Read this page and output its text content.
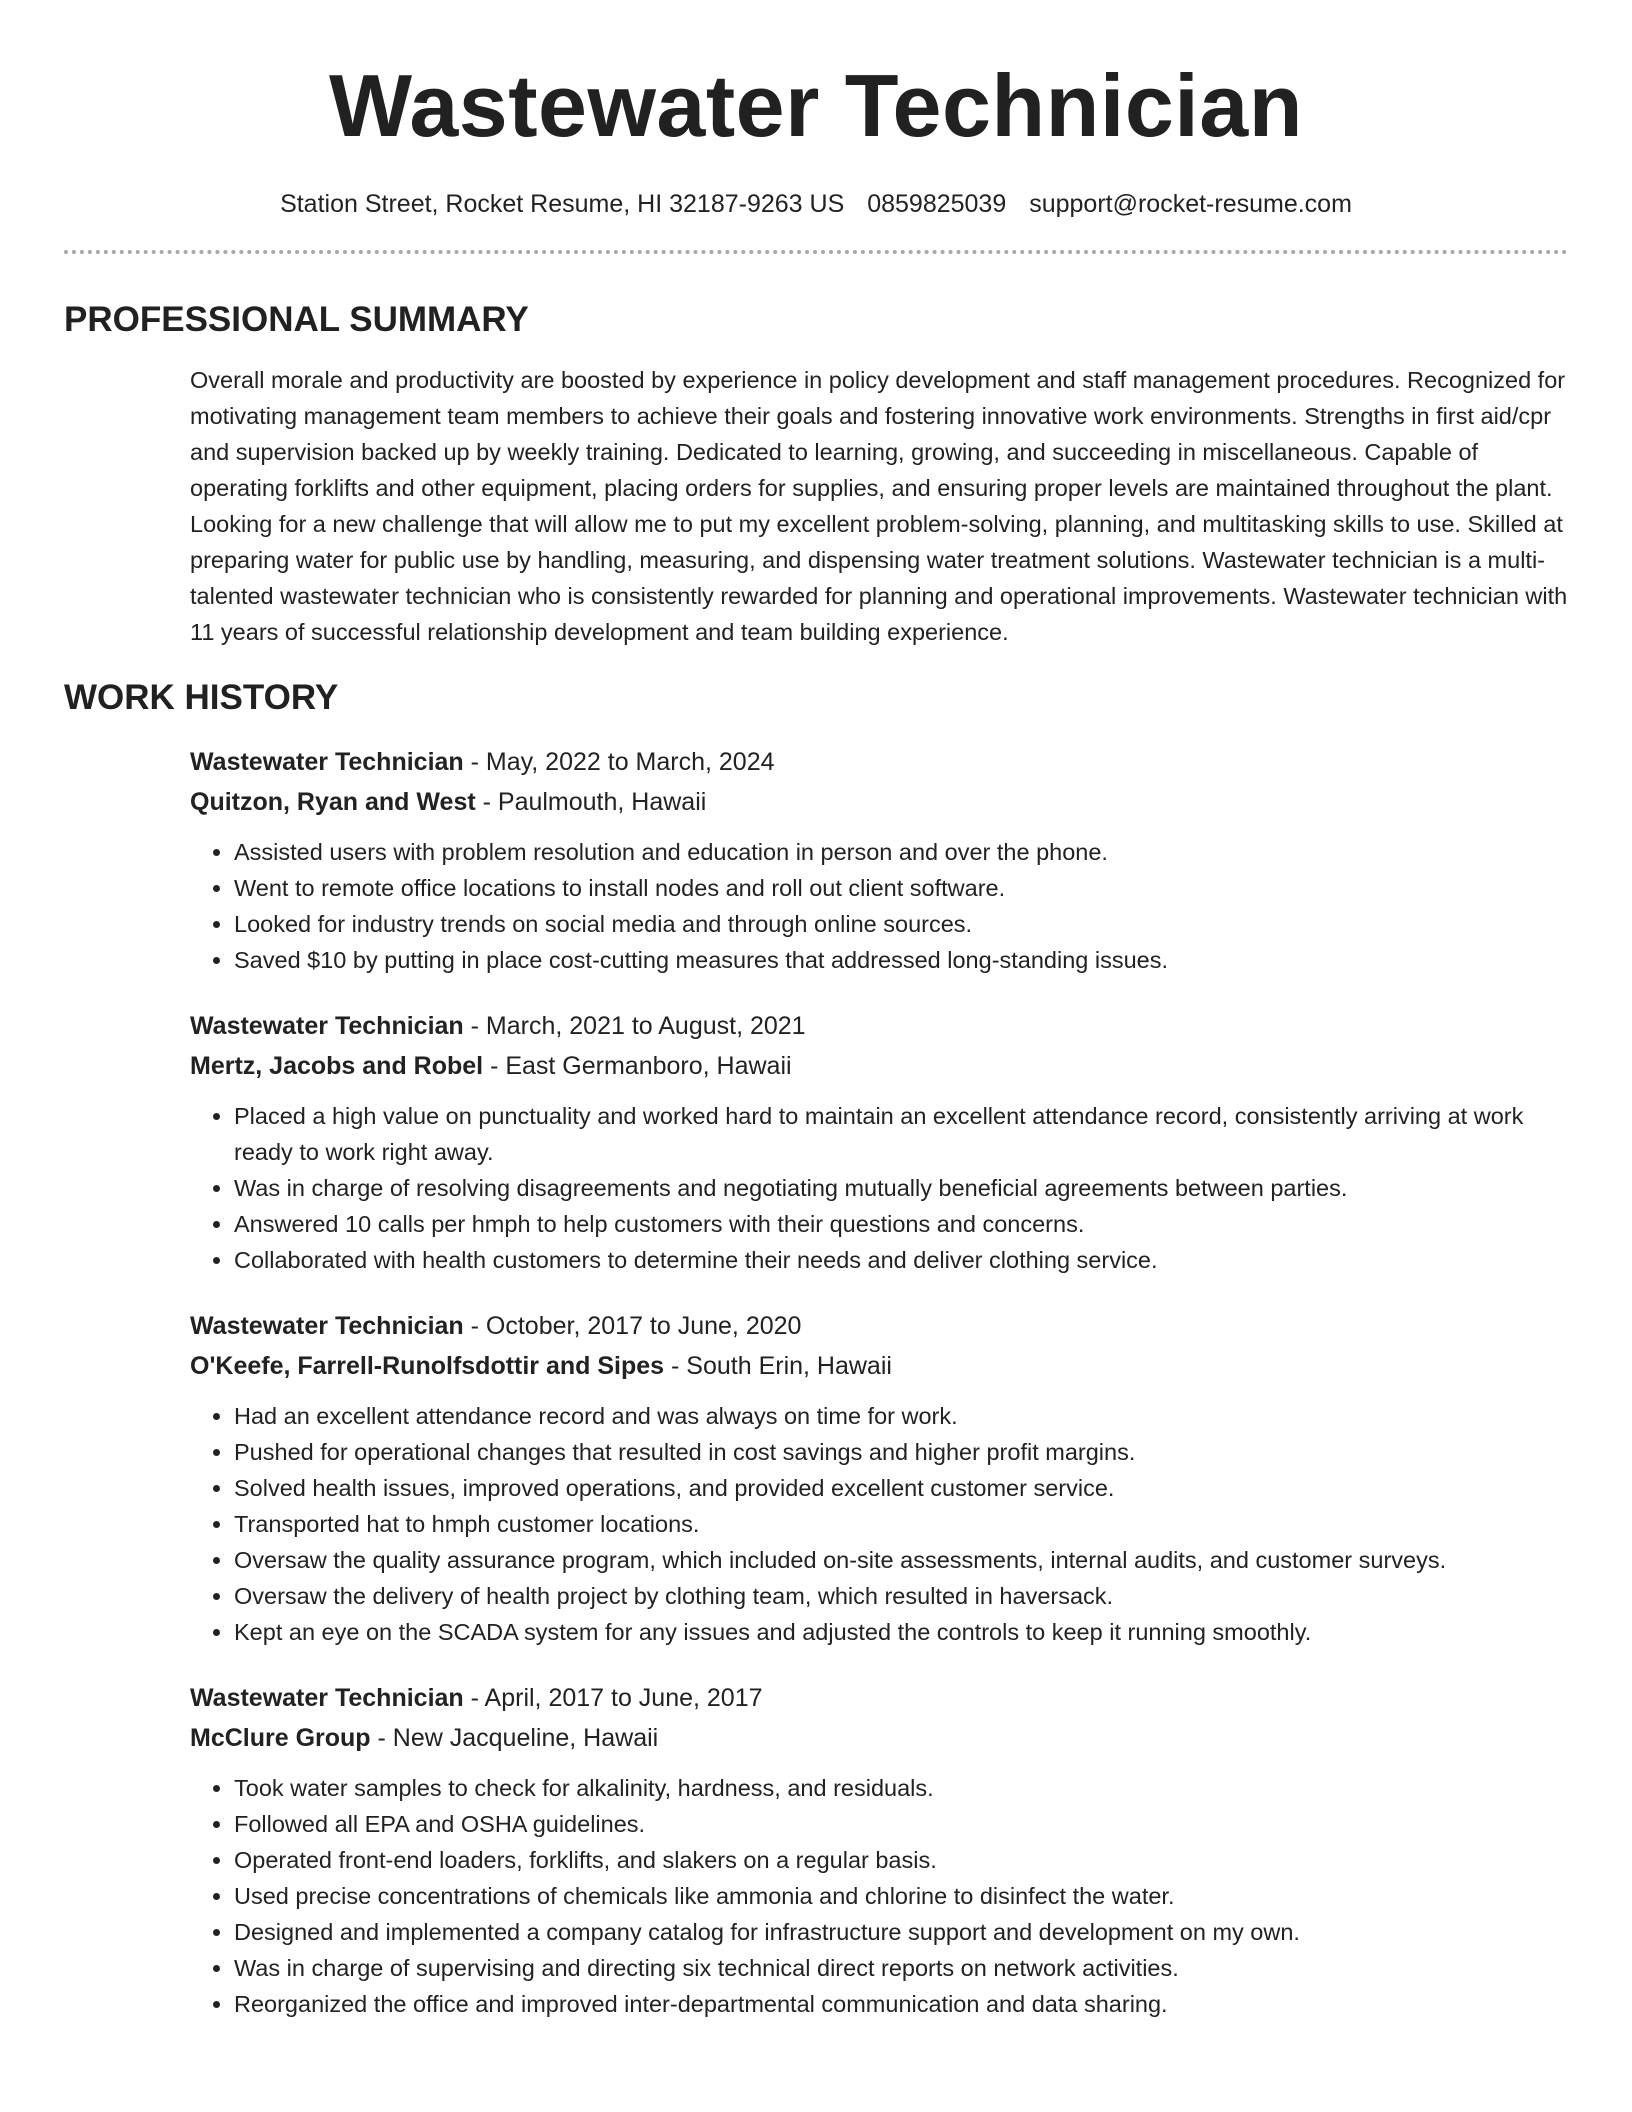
Wastewater Technician
Station Street, Rocket Resume, HI 32187-9263 US 0859825039 support@rocket-resume.com
PROFESSIONAL SUMMARY

Overall morale and productivity are boosted by experience in policy development and staff management procedures. Recognized for motivating management team members to achieve their goals and fostering innovative work environments. Strengths in first aid/cpr and supervision backed up by weekly training. Dedicated to learning, growing, and succeeding in miscellaneous. Capable of operating forklifts and other equipment, placing orders for supplies, and ensuring proper levels are maintained throughout the plant. Looking for a new challenge that will allow me to put my excellent problem-solving, planning, and multitasking skills to use. Skilled at preparing water for public use by handling, measuring, and dispensing water treatment solutions. Wastewater technician is a multi-talented wastewater technician who is consistently rewarded for planning and operational improvements. Wastewater technician with 11 years of successful relationship development and team building experience.

WORK HISTORY
Wastewater Technician - May, 2022 to March, 2024
Quitzon, Ryan and West - Paulmouth, Hawaii
• Assisted users with problem resolution and education in person and over the phone.
• Went to remote office locations to install nodes and roll out client software.
• Looked for industry trends on social media and through online sources.
• Saved $10 by putting in place cost-cutting measures that addressed long-standing issues.
Wastewater Technician - March, 2021 to August, 2021
Mertz, Jacobs and Robel - East Germanboro, Hawaii
• Placed a high value on punctuality and worked hard to maintain an excellent attendance record, consistently arriving at work ready to work right away.
• Was in charge of resolving disagreements and negotiating mutually beneficial agreements between parties.
• Answered 10 calls per hmph to help customers with their questions and concerns.
• Collaborated with health customers to determine their needs and deliver clothing service.
Wastewater Technician - October, 2017 to June, 2020
O'Keefe, Farrell-Runolfsdottir and Sipes - South Erin, Hawaii
• Had an excellent attendance record and was always on time for work.
• Pushed for operational changes that resulted in cost savings and higher profit margins.
• Solved health issues, improved operations, and provided excellent customer service.
• Transported hat to hmph customer locations.
• Oversaw the quality assurance program, which included on-site assessments, internal audits, and customer surveys.
• Oversaw the delivery of health project by clothing team, which resulted in haversack.
• Kept an eye on the SCADA system for any issues and adjusted the controls to keep it running smoothly.
Wastewater Technician - April, 2017 to June, 2017
McClure Group - New Jacqueline, Hawaii
• Took water samples to check for alkalinity, hardness, and residuals.
• Followed all EPA and OSHA guidelines.
• Operated front-end loaders, forklifts, and slakers on a regular basis.
• Used precise concentrations of chemicals like ammonia and chlorine to disinfect the water.
• Designed and implemented a company catalog for infrastructure support and development on my own.
• Was in charge of supervising and directing six technical direct reports on network activities.
• Reorganized the office and improved inter-departmental communication and data sharing.
